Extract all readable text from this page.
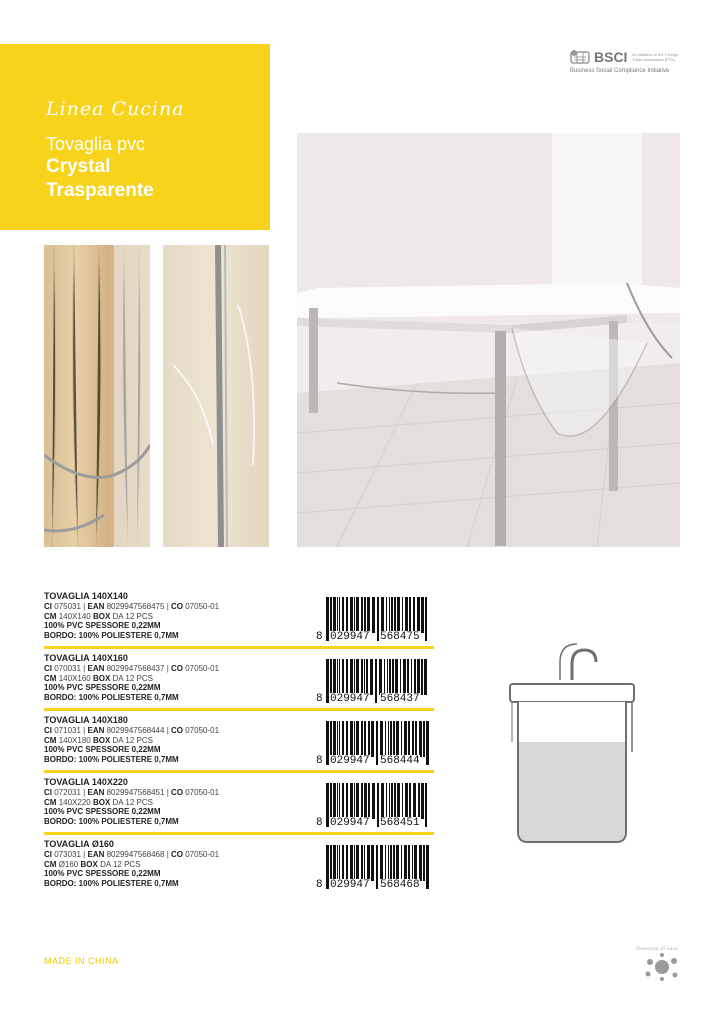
Linea Cucina
Tovaglia pvc
Crystal
Trasparente
BSCI An initiative of the Foreign Trade Association (FTA)
Business Social Compliance Initiative
TOVAGLIA 140X140
CI 075031 | EAN 8029947568475 | CO 07050-01
CM 140X140 BOX DA 12 PCS
100% PVC SPESSORE 0,22MM
BORDO: 100% POLIESTERE 0,7MM	8 029947 568475
TOVAGLIA 140X160
CI 070031 | EAN 8029947568437 | CO 07050-01
CM 140X160 BOX DA 12 PCS
100% PVC SPESSORE 0,22MM
BORDO: 100% POLIESTERE 0,7MM	8 029947 568437
TOVAGLIA 140X180
CI 071031 | EAN 8029947568444 | CO 07050-01
CM 140X180 BOX DA 12 PCS
100% PVC SPESSORE 0,22MM
BORDO: 100% POLIESTERE 0,7MM	8 029947 568444
TOVAGLIA 140X220
CI 072031 | EAN 8029947568451 | CO 07050-01
CM 140X220 BOX DA 12 PCS
100% PVC SPESSORE 0,22MM
BORDO: 100% POLIESTERE 0,7MM	8 029947 568451
TOVAGLIA Ø160
CI 073031 | EAN 8029947568468 | CO 07050-01
CM Ø160 BOX DA 12 PCS
100% PVC SPESSORE 0,22MM
BORDO: 100% POLIESTERE 0,7MM	8 029947 568468
MADE IN CHINA
Dolcezza di casa
